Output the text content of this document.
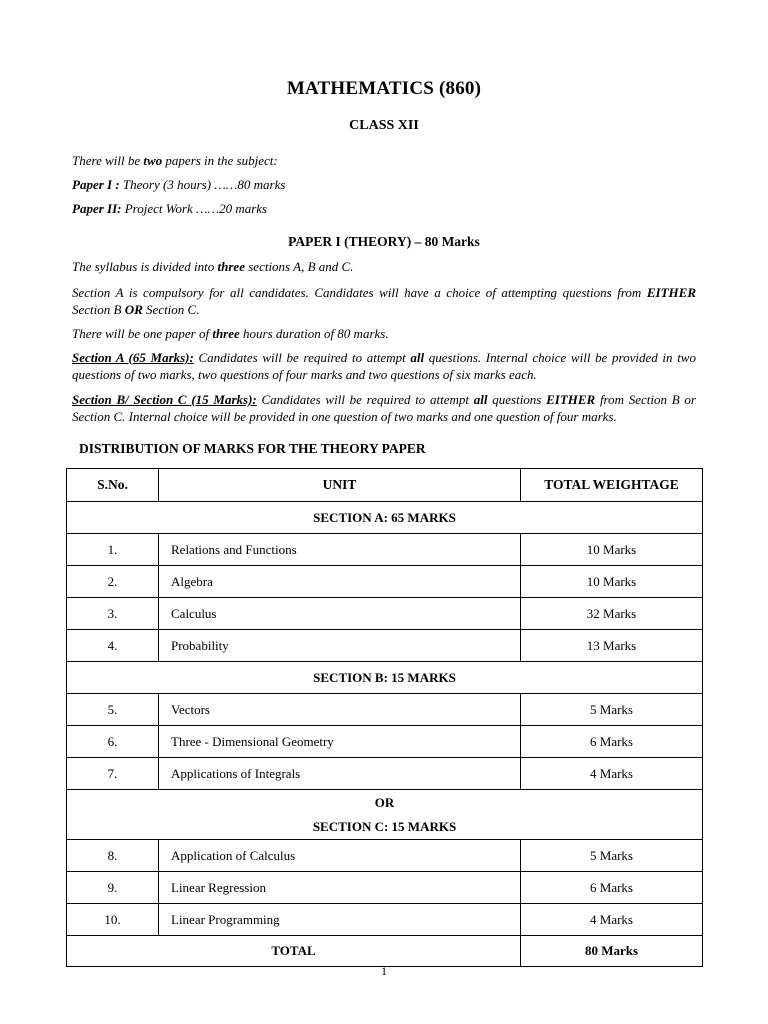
MATHEMATICS (860)
CLASS XII
There will be two papers in the subject:
Paper I : Theory (3 hours) ……80 marks
Paper II: Project Work ……20 marks
PAPER I (THEORY) – 80 Marks
The syllabus is divided into three sections A, B and C.
Section A is compulsory for all candidates. Candidates will have a choice of attempting questions from EITHER Section B OR Section C.
There will be one paper of three hours duration of 80 marks.
Section A (65 Marks): Candidates will be required to attempt all questions. Internal choice will be provided in two questions of two marks, two questions of four marks and two questions of six marks each.
Section B/ Section C (15 Marks): Candidates will be required to attempt all questions EITHER from Section B or Section C. Internal choice will be provided in one question of two marks and one question of four marks.
DISTRIBUTION OF MARKS FOR THE THEORY PAPER
S.No.	UNIT	TOTAL WEIGHTAGE
SECTION A: 65 MARKS		
1.	Relations and Functions	10 Marks
2.	Algebra	10 Marks
3.	Calculus	32 Marks
4.	Probability	13 Marks
SECTION B: 15 MARKS		
5.	Vectors	5 Marks
6.	Three - Dimensional Geometry	6 Marks
7.	Applications of Integrals	4 Marks

OR
SECTION C: 15 MARKS		

8.	Application of Calculus	5 Marks
9.	Linear Regression	6 Marks
10.	Linear Programming	4 Marks
TOTAL		80 Marks
1
